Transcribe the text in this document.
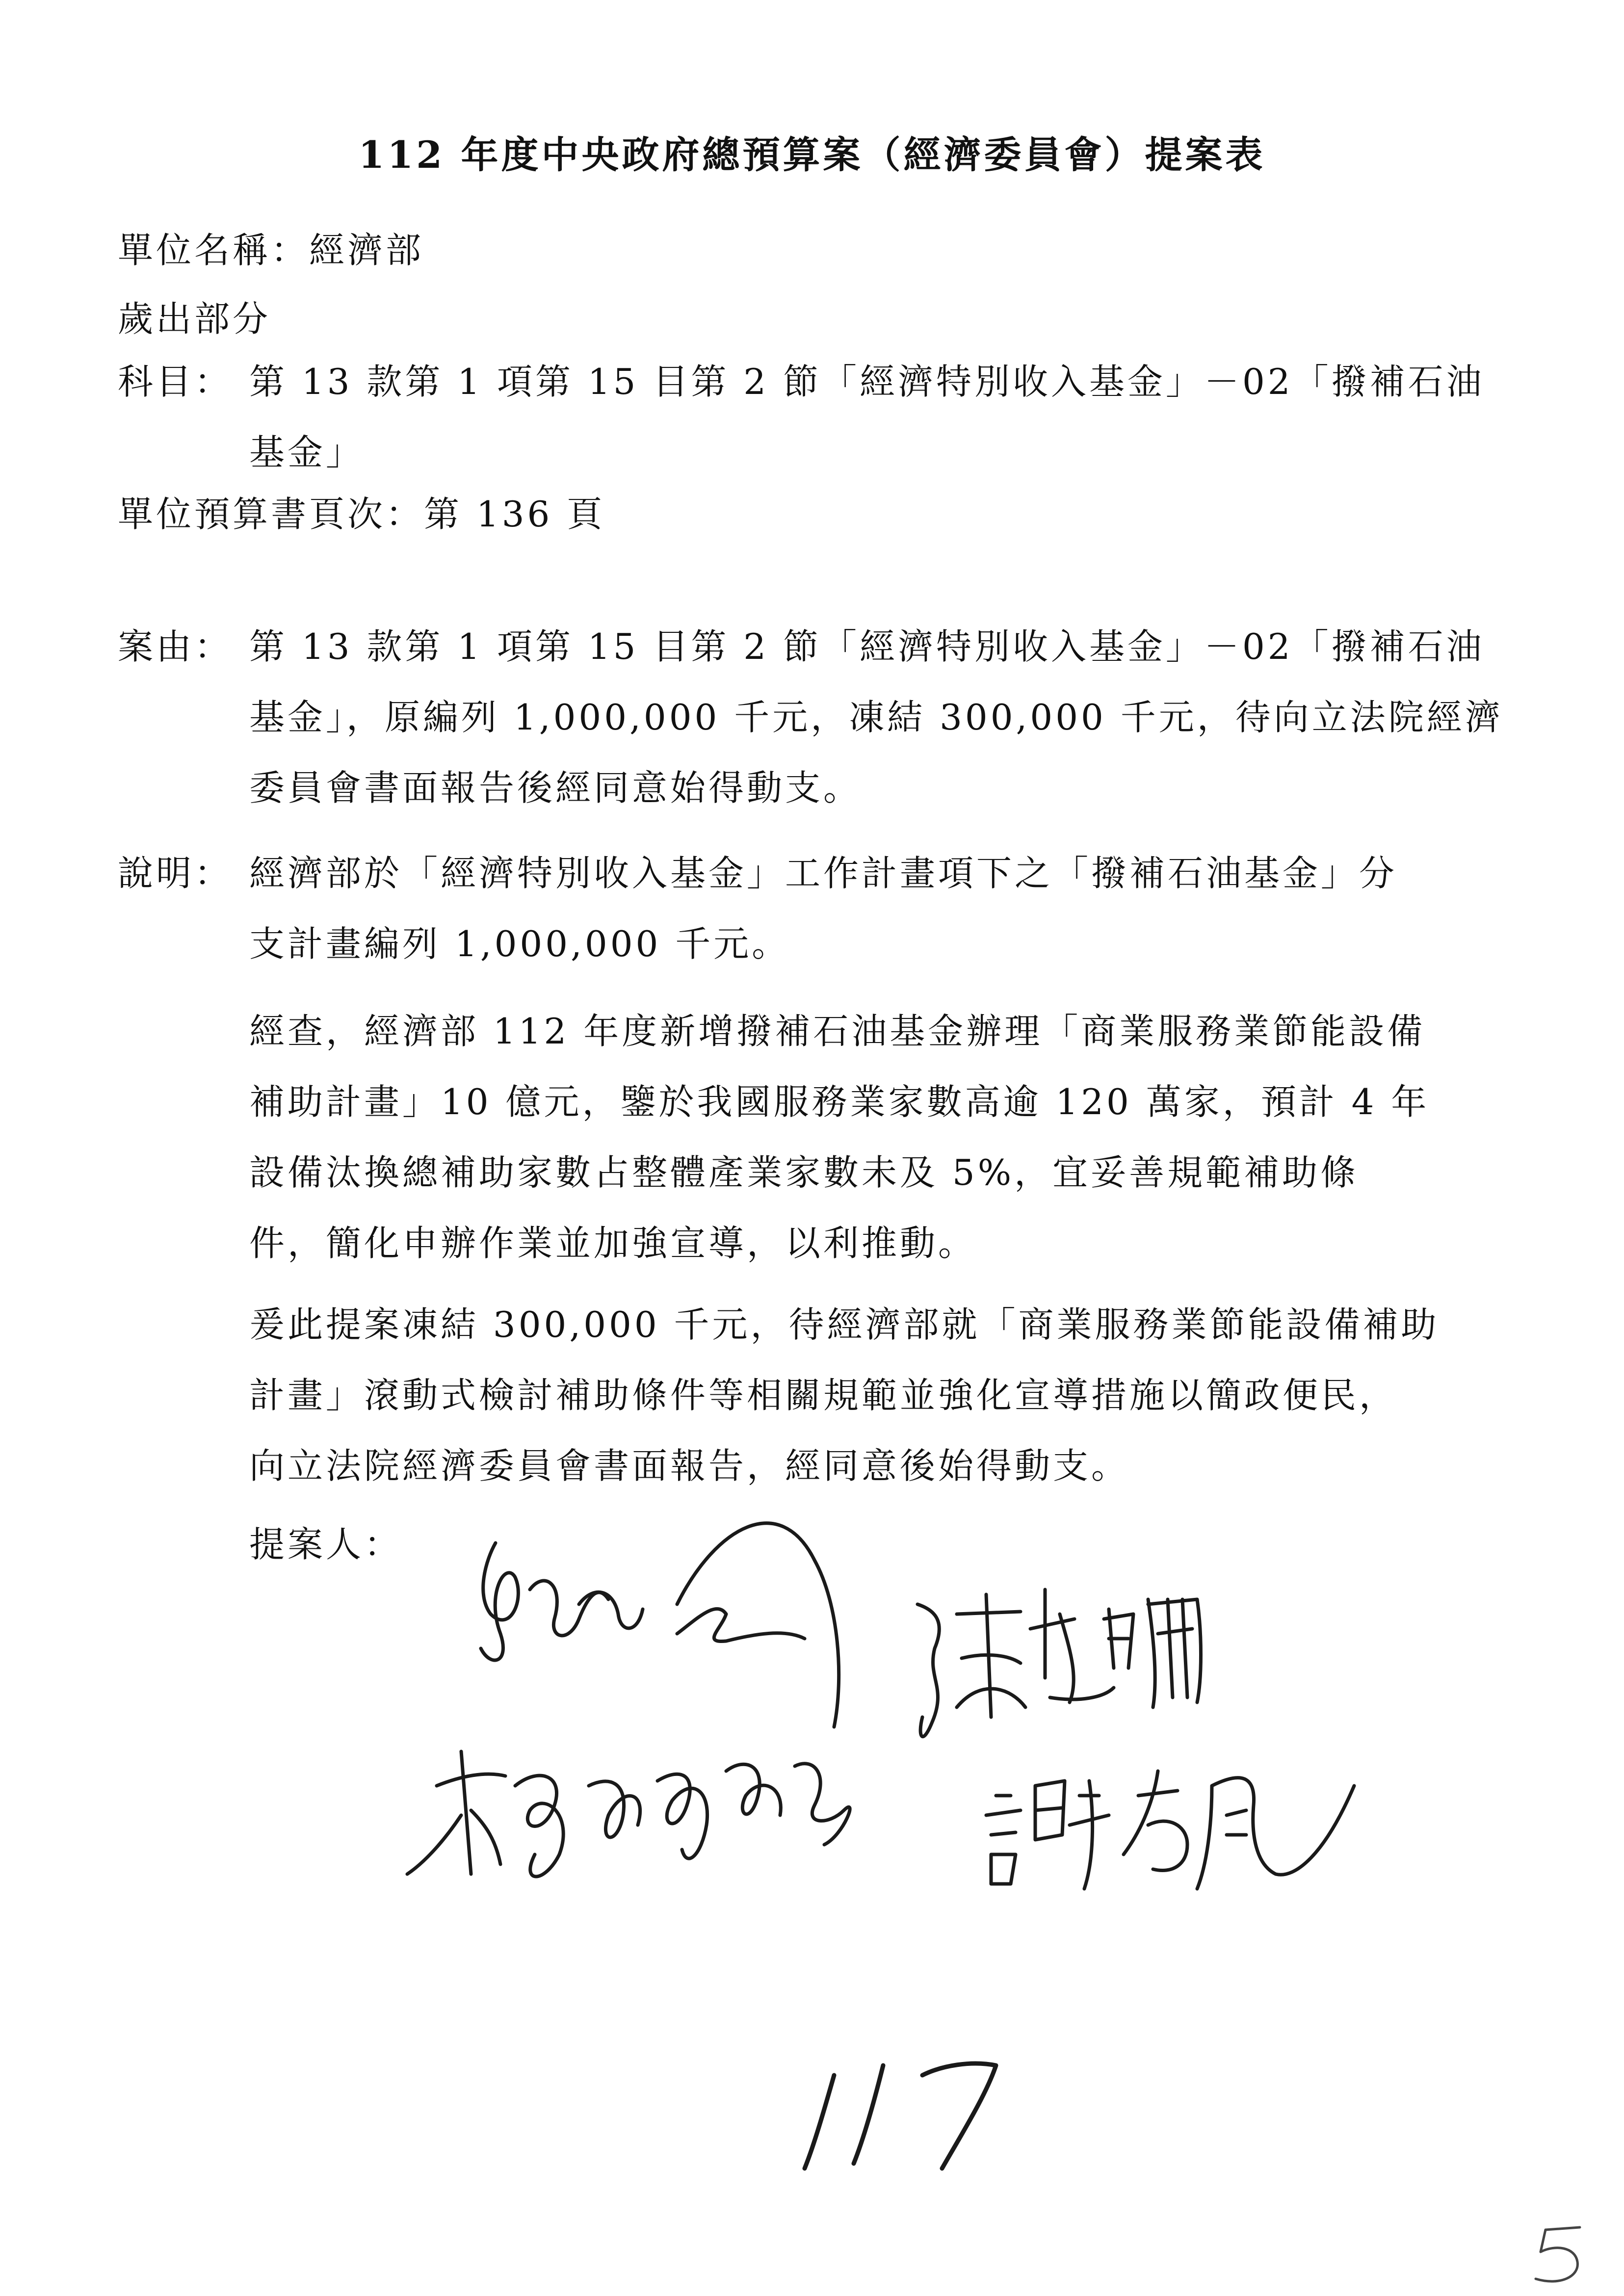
112 年度中央政府總預算案（經濟委員會）提案表
單位名稱：經濟部
歲出部分
科目： 第 13 款第 1 項第 15 目第 2 節「經濟特別收入基金」－02「撥補石油
基金」
單位預算書頁次：第 136 頁
案由： 第 13 款第 1 項第 15 目第 2 節「經濟特別收入基金」－02「撥補石油
基金」，原編列 1,000,000 千元，凍結 300,000 千元，待向立法院經濟
委員會書面報告後經同意始得動支。
說明： 經濟部於「經濟特別收入基金」工作計畫項下之「撥補石油基金」分
支計畫編列 1,000,000 千元。
經查，經濟部 112 年度新增撥補石油基金辦理「商業服務業節能設備
補助計畫」10 億元，鑒於我國服務業家數高逾 120 萬家，預計 4 年
設備汰換總補助家數占整體產業家數未及 5%，宜妥善規範補助條
件，簡化申辦作業並加強宣導，以利推動。
爰此提案凍結 300,000 千元，待經濟部就「商業服務業節能設備補助
計畫」滾動式檢討補助條件等相關規範並強化宣導措施以簡政便民，
向立法院經濟委員會書面報告，經同意後始得動支。
提案人：
